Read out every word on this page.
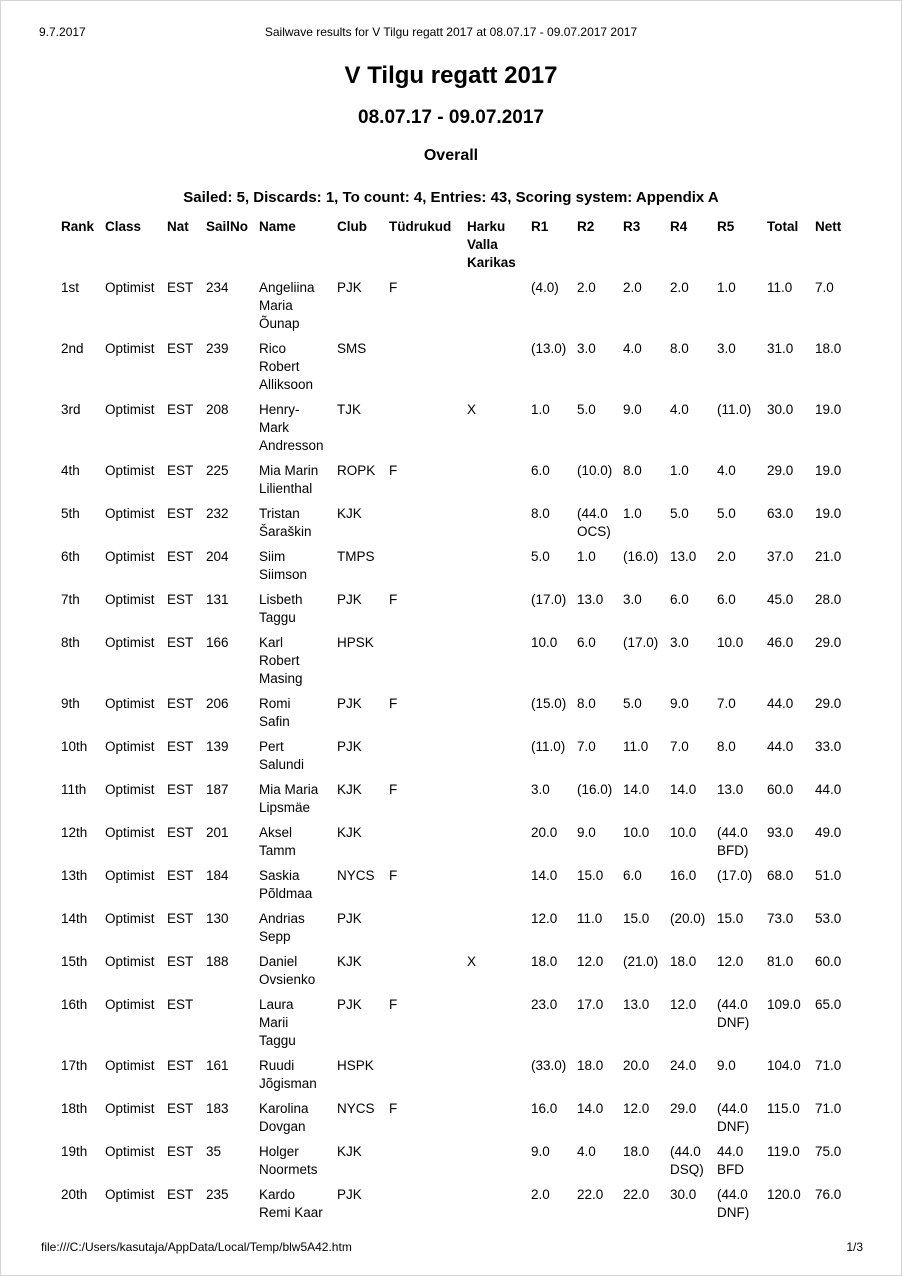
9.7.2017	Sailwave results for V Tilgu regatt 2017 at 08.07.17 - 09.07.2017 2017
V Tilgu regatt 2017
08.07.17 - 09.07.2017
Overall
Sailed: 5, Discards: 1, To count: 4, Entries: 43, Scoring system: Appendix A
Rank	Class	Nat	SailNo	Name	Club	Tüdrukud	Harku Valla Karikas	R1	R2	R3	R4	R5	Total	Nett
1st	Optimist	EST	234	Angeliina Maria Õunap	PJK	F		(4.0)	2.0	2.0	2.0	1.0	11.0	7.0
2nd	Optimist	EST	239	Rico Robert Alliksoon	SMS			(13.0)	3.0	4.0	8.0	3.0	31.0	18.0
3rd	Optimist	EST	208	Henry-Mark Andresson	TJK		X	1.0	5.0	9.0	4.0	(11.0)	30.0	19.0
4th	Optimist	EST	225	Mia Marin Lilienthal	ROPK	F		6.0	(10.0)	8.0	1.0	4.0	29.0	19.0
5th	Optimist	EST	232	Tristan Šaraškin	KJK			8.0	(44.0 OCS)	1.0	5.0	5.0	63.0	19.0
6th	Optimist	EST	204	Siim Siimson	TMPS			5.0	1.0	(16.0)	13.0	2.0	37.0	21.0
7th	Optimist	EST	131	Lisbeth Taggu	PJK	F		(17.0)	13.0	3.0	6.0	6.0	45.0	28.0
8th	Optimist	EST	166	Karl Robert Masing	HPSK			10.0	6.0	(17.0)	3.0	10.0	46.0	29.0
9th	Optimist	EST	206	Romi Safin	PJK	F		(15.0)	8.0	5.0	9.0	7.0	44.0	29.0
10th	Optimist	EST	139	Pert Salundi	PJK			(11.0)	7.0	11.0	7.0	8.0	44.0	33.0
11th	Optimist	EST	187	Mia Maria Lipsmäe	KJK	F		3.0	(16.0)	14.0	14.0	13.0	60.0	44.0
12th	Optimist	EST	201	Aksel Tamm	KJK			20.0	9.0	10.0	10.0	(44.0 BFD)	93.0	49.0
13th	Optimist	EST	184	Saskia Põldmaa	NYCS	F		14.0	15.0	6.0	16.0	(17.0)	68.0	51.0
14th	Optimist	EST	130	Andrias Sepp	PJK			12.0	11.0	15.0	(20.0)	15.0	73.0	53.0
15th	Optimist	EST	188	Daniel Ovsienko	KJK		X	18.0	12.0	(21.0)	18.0	12.0	81.0	60.0
16th	Optimist	EST		Laura Marii Taggu	PJK	F		23.0	17.0	13.0	12.0	(44.0 DNF)	109.0	65.0
17th	Optimist	EST	161	Ruudi Jõgisman	HSPK			(33.0)	18.0	20.0	24.0	9.0	104.0	71.0
18th	Optimist	EST	183	Karolina Dovgan	NYCS	F		16.0	14.0	12.0	29.0	(44.0 DNF)	115.0	71.0
19th	Optimist	EST	35	Holger Noormets	KJK			9.0	4.0	18.0	(44.0 DSQ)	44.0 BFD	119.0	75.0
20th	Optimist	EST	235	Kardo Remi Kaar	PJK			2.0	22.0	22.0	30.0	(44.0 DNF)	120.0	76.0
file:///C:/Users/kasutaja/AppData/Local/Temp/blw5A42.htm	1/3
